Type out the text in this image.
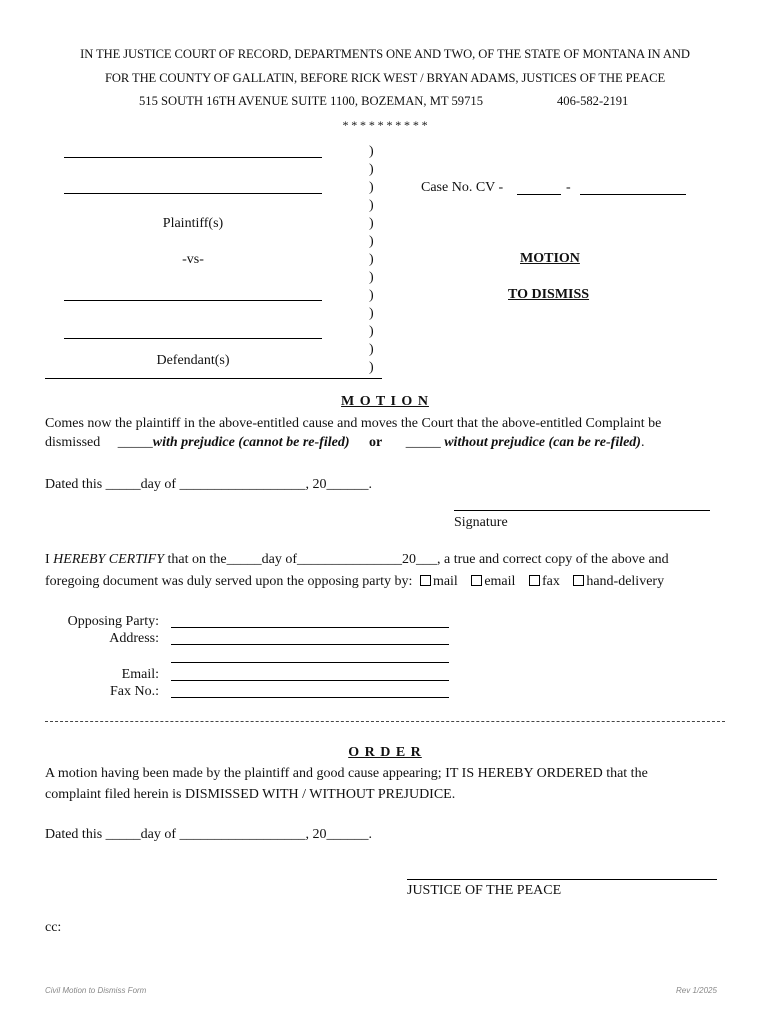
IN THE JUSTICE COURT OF RECORD, DEPARTMENTS ONE AND TWO, OF THE STATE OF MONTANA IN AND
FOR THE COUNTY OF GALLATIN, BEFORE RICK WEST / BRYAN ADAMS, JUSTICES OF THE PEACE
515 SOUTH 16TH AVENUE SUITE 1100, BOZEMAN, MT 59715	406-582-2191
* * * * * * * * * *
Plaintiff(s)
-vs-
Defendant(s)
)
)
)
)
)
)
)
)
)
)
)
)
)
Case No. CV -	-
MOTION
TO DISMISS
M O T I O N
Comes now the plaintiff in the above-entitled cause and moves the Court that the above-entitled Complaint be
dismissed _____with prejudice (cannot be re-filed) or _____ without prejudice (can be re-filed).
Dated this _____day of __________________, 20______.
Signature
I HEREBY CERTIFY that on the_____day of_______________20___, a true and correct copy of the above and
foregoing document was duly served upon the opposing party by: mail email fax hand-delivery
Opposing Party:
Address:
Email:
Fax No.:
O R D E R
A motion having been made by the plaintiff and good cause appearing; IT IS HEREBY ORDERED that the
complaint filed herein is DISMISSED WITH / WITHOUT PREJUDICE.
Dated this _____day of __________________, 20______.
JUSTICE OF THE PEACE
cc:
Civil Motion to Dismiss Form	Rev 1/2025
